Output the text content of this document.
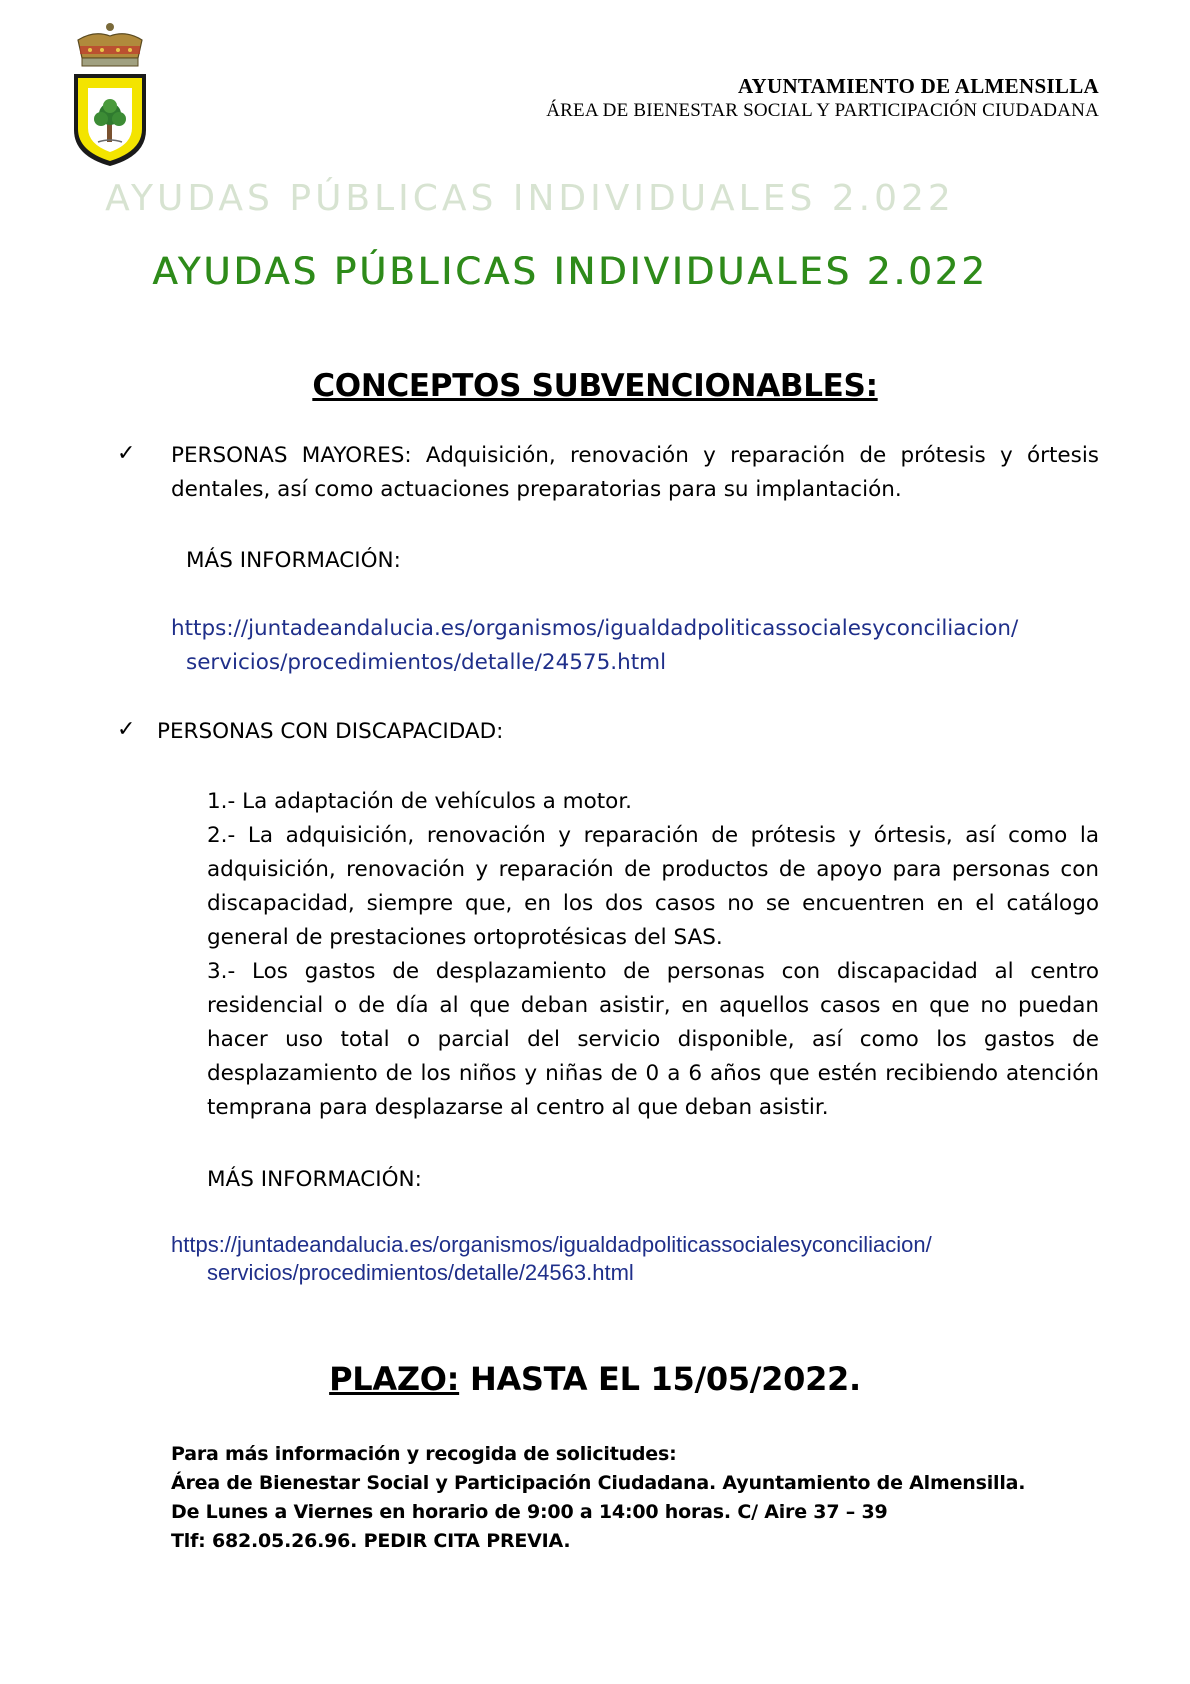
AYUNTAMIENTO DE ALMENSILLA
ÁREA DE BIENESTAR SOCIAL Y PARTICIPACIÓN CIUDADANA
AYUDAS PÚBLICAS INDIVIDUALES 2.022
AYUDAS PÚBLICAS INDIVIDUALES 2.022
CONCEPTOS SUBVENCIONABLES:
✓ PERSONAS MAYORES: Adquisición, renovación y reparación de prótesis y órtesis dentales, así como actuaciones preparatorias para su implantación.
MÁS INFORMACIÓN:
https://juntadeandalucia.es/organismos/igualdadpoliticassocialesyconciliacion/
servicios/procedimientos/detalle/24575.html
✓ PERSONAS CON DISCAPACIDAD:
1.- La adaptación de vehículos a motor.
2.- La adquisición, renovación y reparación de prótesis y órtesis, así como la adquisición, renovación y reparación de productos de apoyo para personas con discapacidad, siempre que, en los dos casos no se encuentren en el catálogo general de prestaciones ortoprotésicas del SAS.
3.- Los gastos de desplazamiento de personas con discapacidad al centro residencial o de día al que deban asistir, en aquellos casos en que no puedan hacer uso total o parcial del servicio disponible, así como los gastos de desplazamiento de los niños y niñas de 0 a 6 años que estén recibiendo atención temprana para desplazarse al centro al que deban asistir.
MÁS INFORMACIÓN:
https://juntadeandalucia.es/organismos/igualdadpoliticassocialesyconciliacion/
servicios/procedimientos/detalle/24563.html
PLAZO: HASTA EL 15/05/2022.
Para más información y recogida de solicitudes:
Área de Bienestar Social y Participación Ciudadana. Ayuntamiento de Almensilla.
De Lunes a Viernes en horario de 9:00 a 14:00 horas. C/ Aire 37 – 39
Tlf: 682.05.26.96. PEDIR CITA PREVIA.
